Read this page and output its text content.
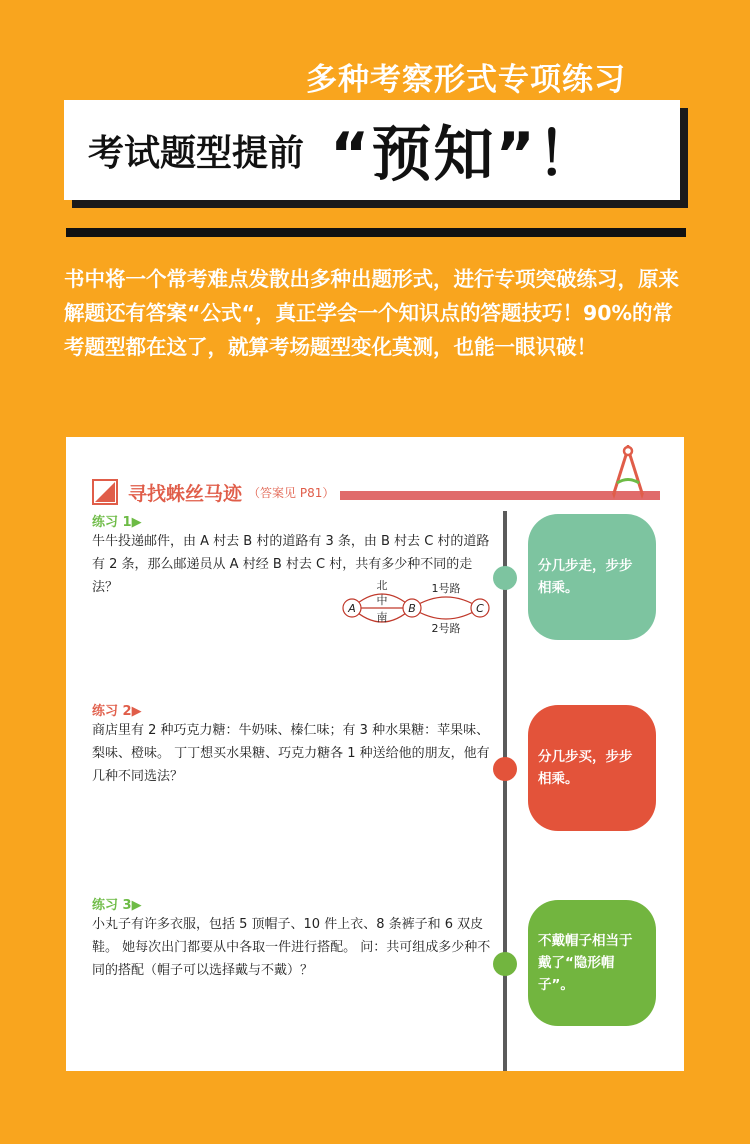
多种考察形式专项练习
考试题型提前 “预知”！
书中将一个常考难点发散出多种出题形式，进行专项突破练习，原来解题还有答案“公式“，真正学会一个知识点的答题技巧！90%的常考题型都在这了，就算考场题型变化莫测，也能一眼识破！
寻找蛛丝马迹 （答案见 P81）
练习 1▶
牛牛投递邮件，由 A 村去 B 村的道路有 3 条，由 B 村去 C 村的道路有 2 条，那么邮递员从 A 村经 B 村去 C 村，共有多少种不同的走法？
A	B	C
北
中
南
1号路
2号路
分几步走，步步相乘。
练习 2▶
商店里有 2 种巧克力糖：牛奶味、榛仁味；有 3 种水果糖：苹果味、梨味、橙味。 丁丁想买水果糖、巧克力糖各 1 种送给他的朋友，他有几种不同选法？
分几步买，步步相乘。
练习 3▶
小丸子有许多衣服，包括 5 顶帽子、10 件上衣、8 条裤子和 6 双皮鞋。 她每次出门都要从中各取一件进行搭配。 问：共可组成多少种不同的搭配（帽子可以选择戴与不戴）？
不戴帽子相当于戴了“隐形帽子”。
